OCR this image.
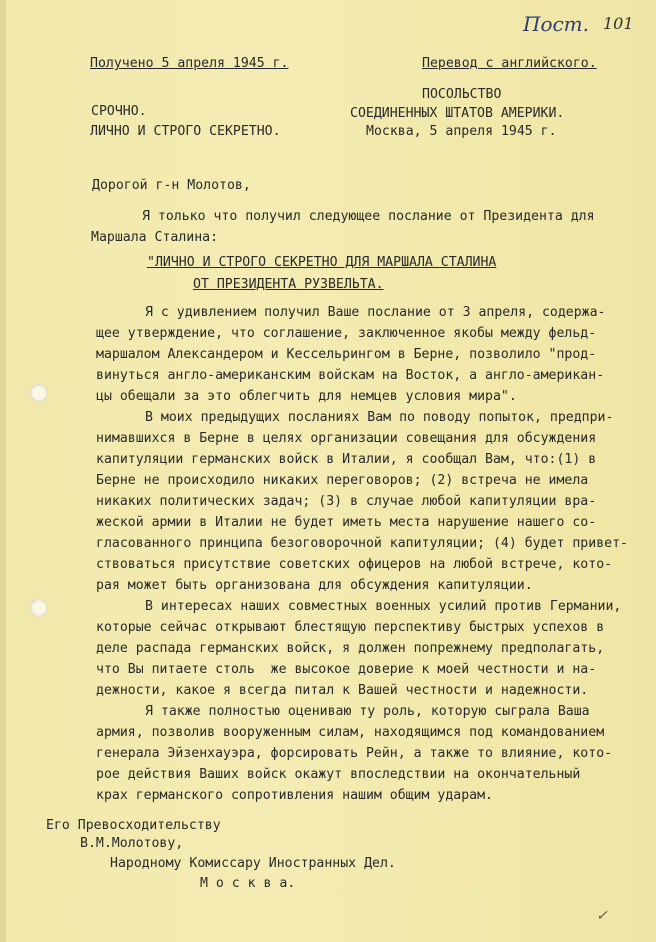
Пост. 101
Получено 5 апреля 1945 г.	Перевод с английского.
ПОСОЛЬСТВО
СРОЧНО.	СОЕДИНЕННЫХ ШТАТОВ АМЕРИКИ.
ЛИЧНО И СТРОГО СЕКРЕТНО.	Москва, 5 апреля 1945 г.
Дорогой г-н Молотов,
Я только что получил следующее послание от Президента для
Маршала Сталина:
"ЛИЧНО И СТРОГО СЕКРЕТНО ДЛЯ МАРШАЛА СТАЛИНА
ОТ ПРЕЗИДЕНТА РУЗВЕЛЬТА.
Я с удивлением получил Ваше послание от 3 апреля, содержа-
щее утверждение, что соглашение, заключенное якобы между фельд-
маршалом Александером и Кессельрингом в Берне, позволило "прод-
винуться англо-американским войскам на Восток, а англо-американ-
цы обещали за это облегчить для немцев условия мира".
В моих предыдущих посланиях Вам по поводу попыток, предпри-
нимавшихся в Берне в целях организации совещания для обсуждения
капитуляции германских войск в Италии, я сообщал Вам, что:(1) в
Берне не происходило никаких переговоров; (2) встреча не имела
никаких политических задач; (3) в случае любой капитуляции вра-
жеской армии в Италии не будет иметь места нарушение нашего со-
гласованного принципа безоговорочной капитуляции; (4) будет привет-
ствоваться присутствие советских офицеров на любой встрече, кото-
рая может быть организована для обсуждения капитуляции.
В интересах наших совместных военных усилий против Германии,
которые сейчас открывают блестящую перспективу быстрых успехов в
деле распада германских войск, я должен попрежнему предполагать,
что Вы питаете столь  же высокое доверие к моей честности и на-
дежности, какое я всегда питал к Вашей честности и надежности.
Я также полностью оцениваю ту роль, которую сыграла Ваша
армия, позволив вооруженным силам, находящимся под командованием
генерала Эйзенхауэра, форсировать Рейн, а также то влияние, кото-
рое действия Ваших войск окажут впоследствии на окончательный
крах германского сопротивления нашим общим ударам.
Его Превосходительству
В.М.Молотову,
Народному Комиссару Иностранных Дел.
М о с к в а.
✓
